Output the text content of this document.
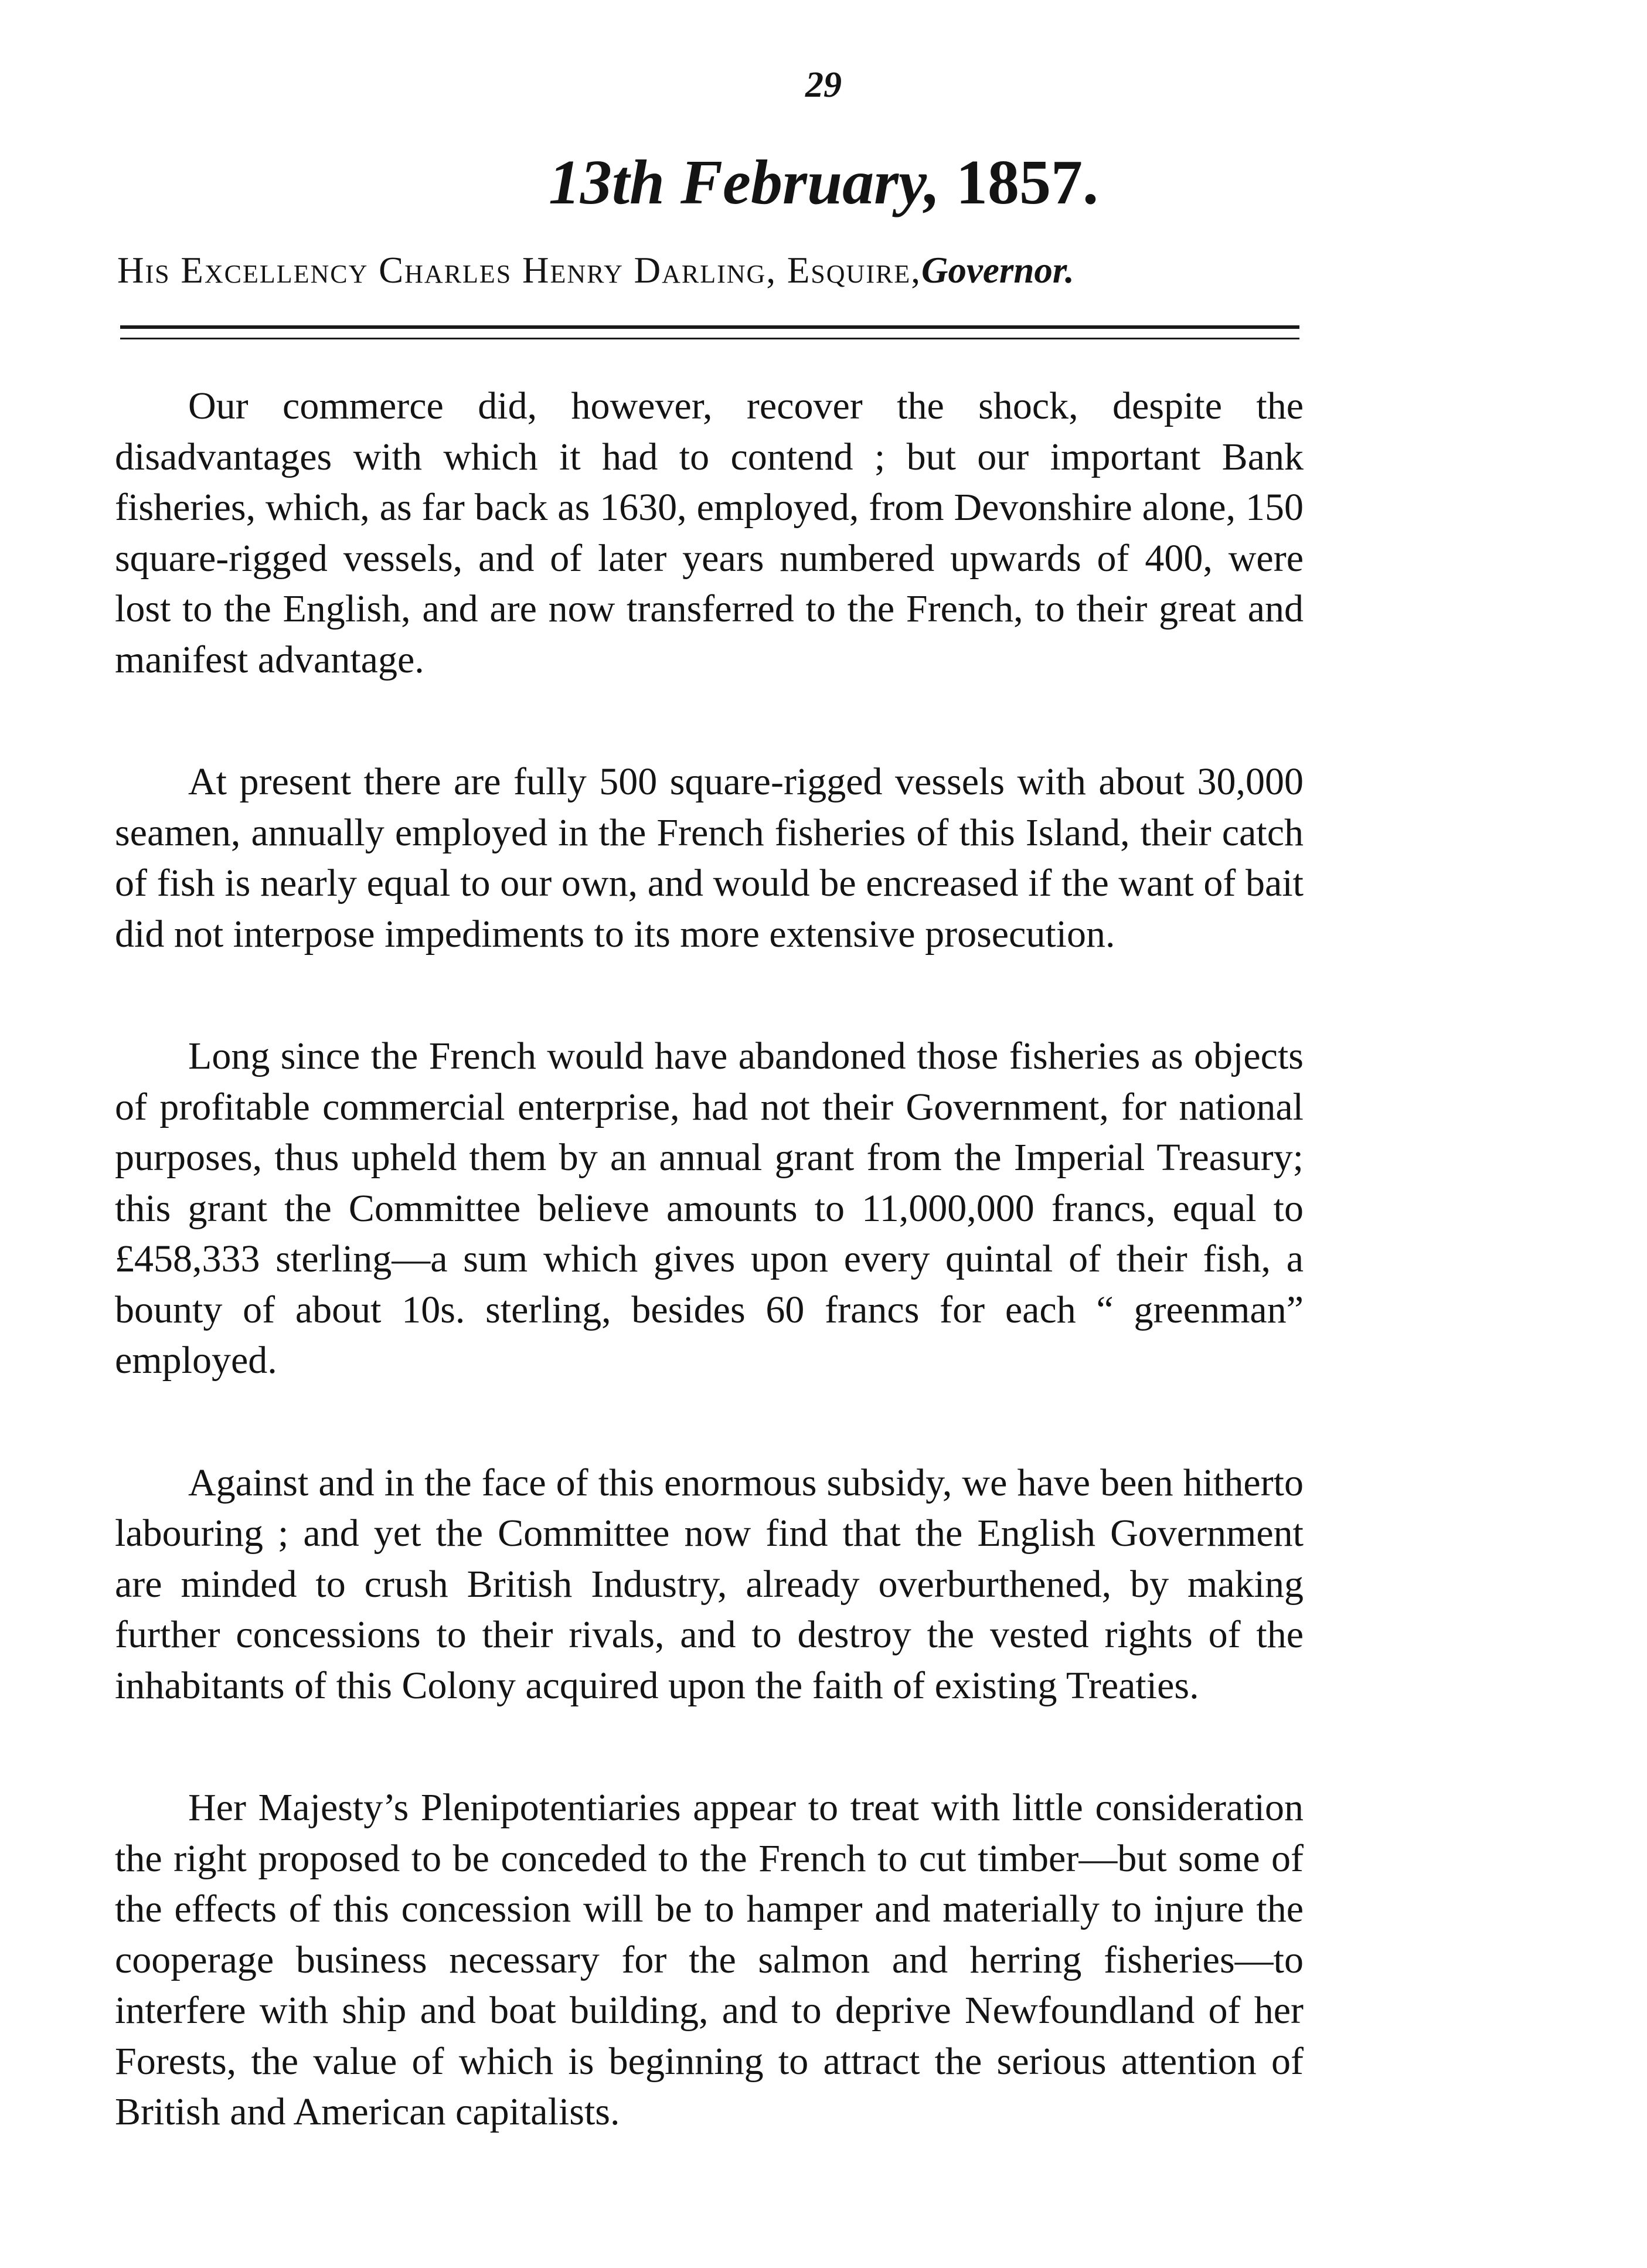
29
13th February, 1857.
His Excellency Charles Henry Darling, Esquire,Governor.

Our commerce did, however, recover the shock, despite the disadvantages with which it had to contend ; but our important Bank fisheries, which, as far back as 1630, employed, from Devonshire alone, 150 square-rigged vessels, and of later years numbered upwards of 400, were lost to the English, and are now transferred to the French, to their great and manifest advantage.

At present there are fully 500 square-rigged vessels with about 30,000 seamen, annually employed in the French fisheries of this Island, their catch of fish is nearly equal to our own, and would be encreased if the want of bait did not interpose impediments to its more extensive prosecution.

Long since the French would have abandoned those fisheries as objects of profitable commercial enterprise, had not their Government, for national purposes, thus upheld them by an annual grant from the Imperial Treasury; this grant the Committee believe amounts to 11,000,000 francs, equal to £458,333 sterling—a sum which gives upon every quintal of their fish, a bounty of about 10s. sterling, besides 60 francs for each “ greenman” employed.

Against and in the face of this enormous subsidy, we have been hitherto labouring ; and yet the Committee now find that the English Government are minded to crush British Industry, already overburthened, by making further concessions to their rivals, and to destroy the vested rights of the inhabitants of this Colony acquired upon the faith of existing Treaties.

Her Majesty’s Plenipotentiaries appear to treat with little consideration the right proposed to be conceded to the French to cut timber—but some of the effects of this concession will be to hamper and materially to injure the cooperage business necessary for the salmon and herring fisheries—to interfere with ship and boat building, and to deprive Newfoundland of her Forests, the value of which is beginning to attract the serious attention of British and American capitalists.
